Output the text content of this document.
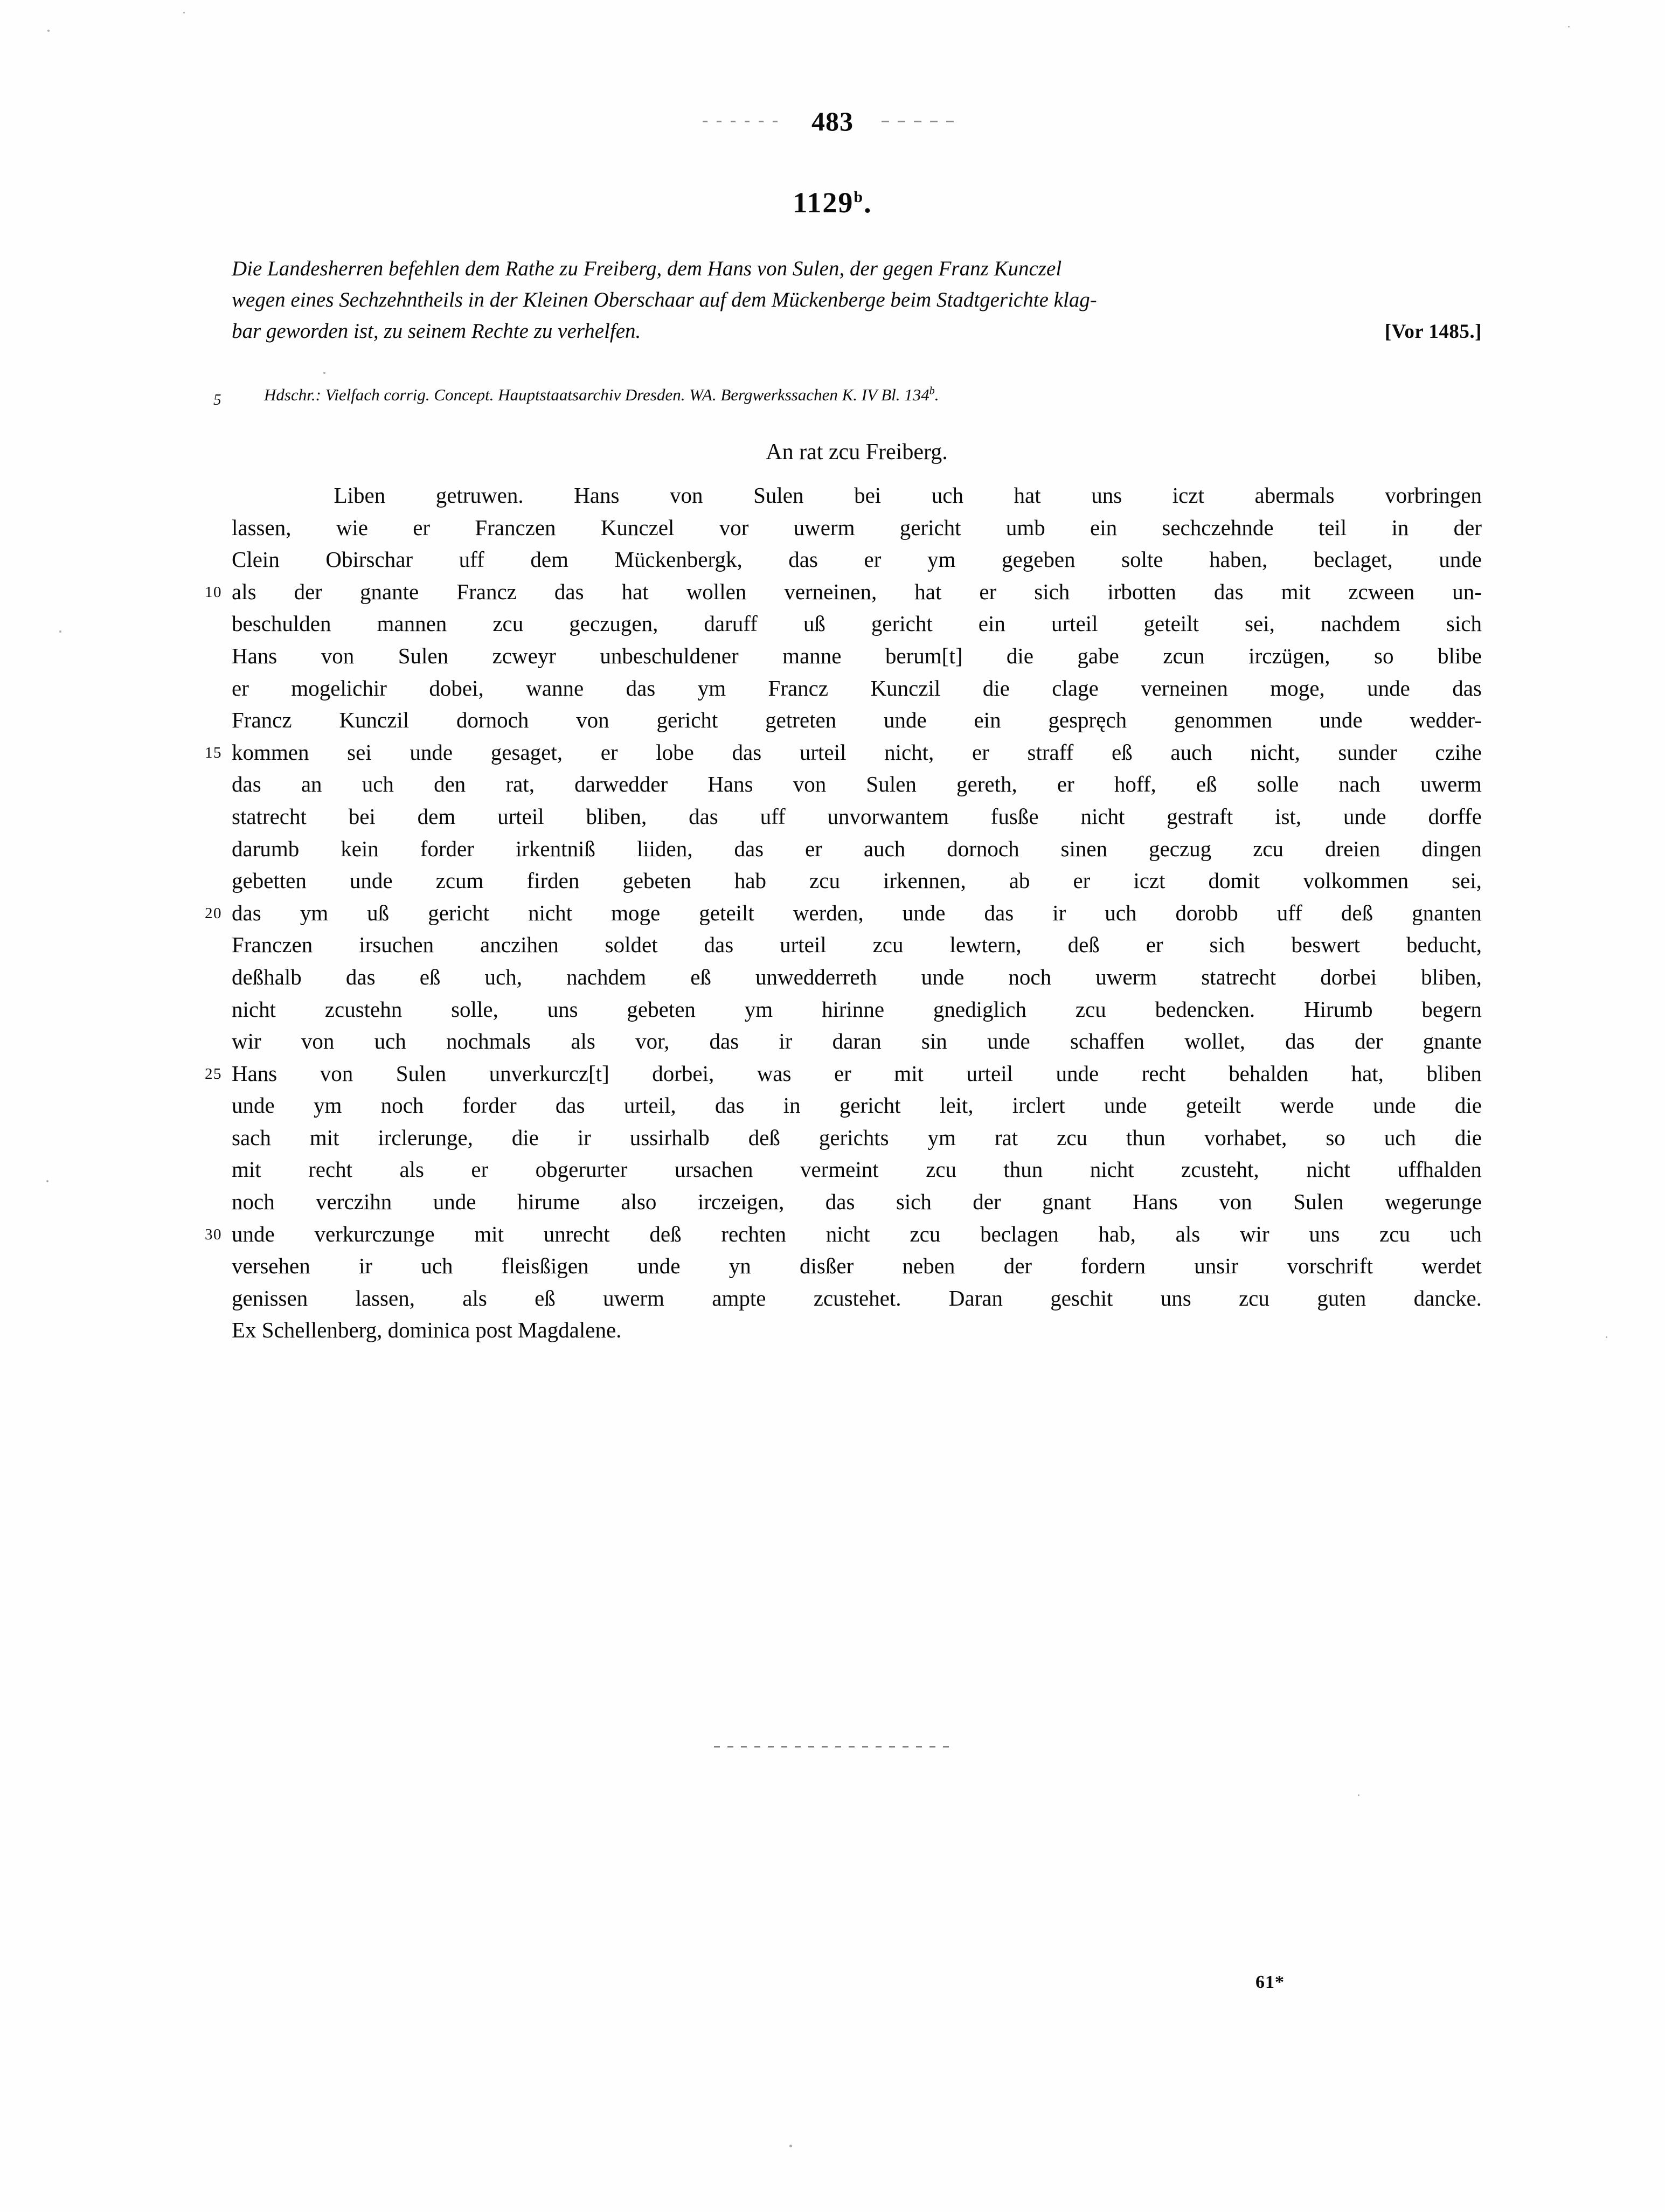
483
1129$^b$.

Die Landesherren befehlen dem Rathe zu Freiberg, dem Hans von Sulen, der gegen Franz Kunczel

wegen eines Sechzehntheils in der Kleinen Oberschaar auf dem Mückenberge beim Stadtgerichte klag-

bar geworden ist, zu seinem Rechte zu verhelfen.	[Vor 1485.]

5	Hdschr.: Vielfach corrig. Concept. Hauptstaatsarchiv Dresden. WA. Bergwerkssachen K. IV Bl. 134$^b$.
An rat zcu Freiberg.
Liben getruwen. Hans von Sulen bei uch hat uns iczt abermals vorbringen
lassen, wie er Franczen Kunczel vor uwerm gericht umb ein sechczehnde teil in der
Clein Obirschar uff dem Mückenbergk, das er ym gegeben solte haben, beclaget, unde
10 als der gnante Francz das hat wollen verneinen, hat er sich irbotten das mit zcween un-
beschulden mannen zcu geczugen, daruff uß gericht ein urteil geteilt sei, nachdem sich
Hans von Sulen zcweyr unbeschuldener manne berum[t] die gabe zcun irczügen, so blibe
er mogelichir dobei, wanne das ym Francz Kunczil die clage verneinen moge, unde das
Francz Kunczil dornoch von gericht getreten unde ein gespręch genommen unde wedder-
15 kommen sei unde gesaget, er lobe das urteil nicht, er straff eß auch nicht, sunder czihe
das an uch den rat, darwedder Hans von Sulen gereth, er hoff, eß solle nach uwerm
statrecht bei dem urteil bliben, das uff unvorwantem fusße nicht gestraft ist, unde dorffe
darumb kein forder irkentniß liiden, das er auch dornoch sinen geczug zcu dreien dingen
gebetten unde zcum firden gebeten hab zcu irkennen, ab er iczt domit volkommen sei,
20 das ym uß gericht nicht moge geteilt werden, unde das ir uch dorobb uff deß gnanten
Franczen irsuchen anczihen soldet das urteil zcu lewtern, deß er sich beswert beducht,
deßhalb das eß uch, nachdem eß unwedderreth unde noch uwerm statrecht dorbei bliben,
nicht zcustehn solle, uns gebeten ym hirinne gnediglich zcu bedencken. Hirumb begern
wir von uch nochmals als vor, das ir daran sin unde schaffen wollet, das der gnante
25 Hans von Sulen unverkurcz[t] dorbei, was er mit urteil unde recht behalden hat, bliben
unde ym noch forder das urteil, das in gericht leit, irclert unde geteilt werde unde die
sach mit irclerunge, die ir ussirhalb deß gerichts ym rat zcu thun vorhabet, so uch die
mit recht als er obgerurter ursachen vermeint zcu thun nicht zcusteht, nicht uffhalden
noch verczihn unde hirume also irczeigen, das sich der gnant Hans von Sulen wegerunge
30 unde verkurczunge mit unrecht deß rechten nicht zcu beclagen hab, als wir uns zcu uch
versehen ir uch fleisßigen unde yn disßer neben der fordern unsir vorschrift werdet
genissen lassen, als eß uwerm ampte zcustehet. Daran geschit uns zcu guten dancke.
Ex Schellenberg, dominica post Magdalene.
61*
